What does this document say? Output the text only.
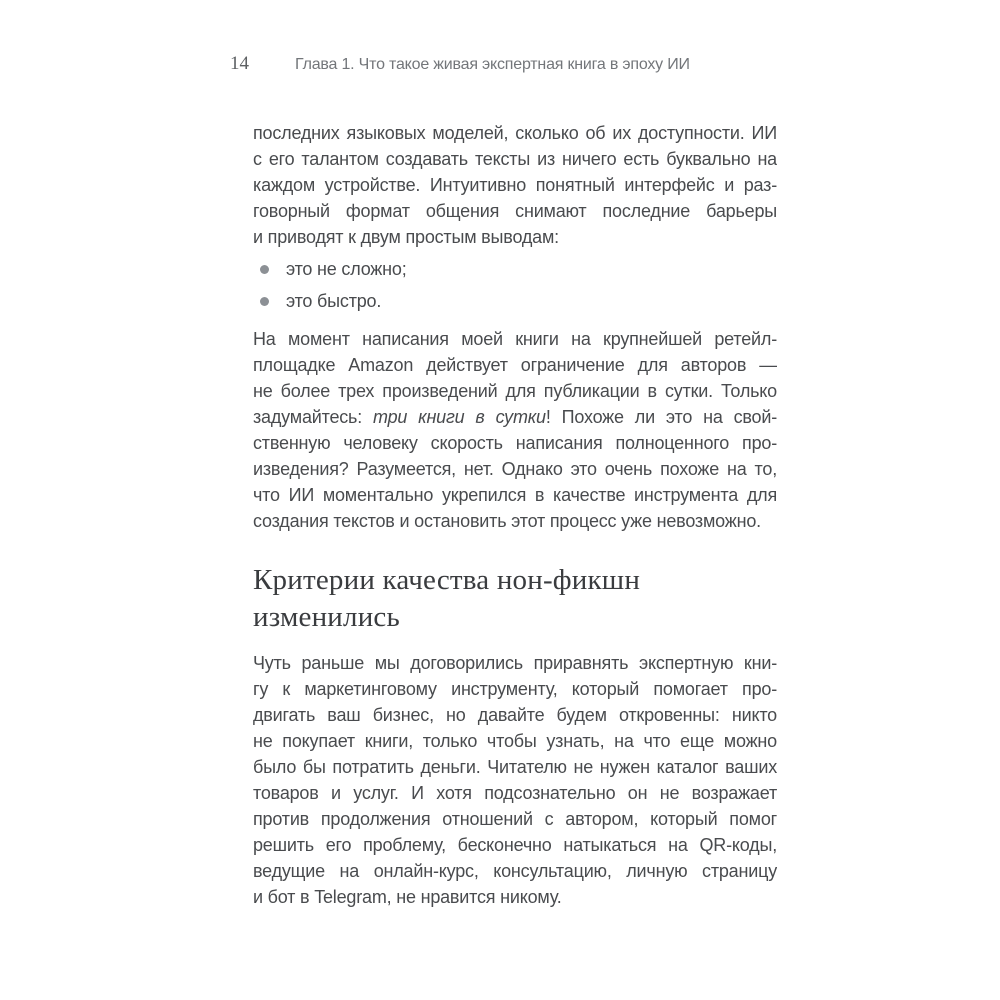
14	Глава 1. Что такое живая экспертная книга в эпоху ИИ
последних языковых моделей, сколько об их доступности. ИИ
с его талантом создавать тексты из ничего есть буквально на
каждом устройстве. Интуитивно понятный интерфейс и раз-
говорный формат общения снимают последние барьеры
и приводят к двум простым выводам:
это не сложно;
это быстро.
На момент написания моей книги на крупнейшей ретейл-
площадке Amazon действует ограничение для авторов —
не более трех произведений для публикации в сутки. Только
задумайтесь: три книги в сутки! Похоже ли это на свой-
ственную человеку скорость написания полноценного про-
изведения? Разумеется, нет. Однако это очень похоже на то,
что ИИ моментально укрепился в качестве инструмента для
создания текстов и остановить этот процесс уже невозможно.
Критерии качества нон-фикшн
изменились
Чуть раньше мы договорились приравнять экспертную кни-
гу к маркетинговому инструменту, который помогает про-
двигать ваш бизнес, но давайте будем откровенны: никто
не покупает книги, только чтобы узнать, на что еще можно
было бы потратить деньги. Читателю не нужен каталог ваших
товаров и услуг. И хотя подсознательно он не возражает
против продолжения отношений с автором, который помог
решить его проблему, бесконечно натыкаться на QR-коды,
ведущие на онлайн-курс, консультацию, личную страницу
и бот в Telegram, не нравится никому.
